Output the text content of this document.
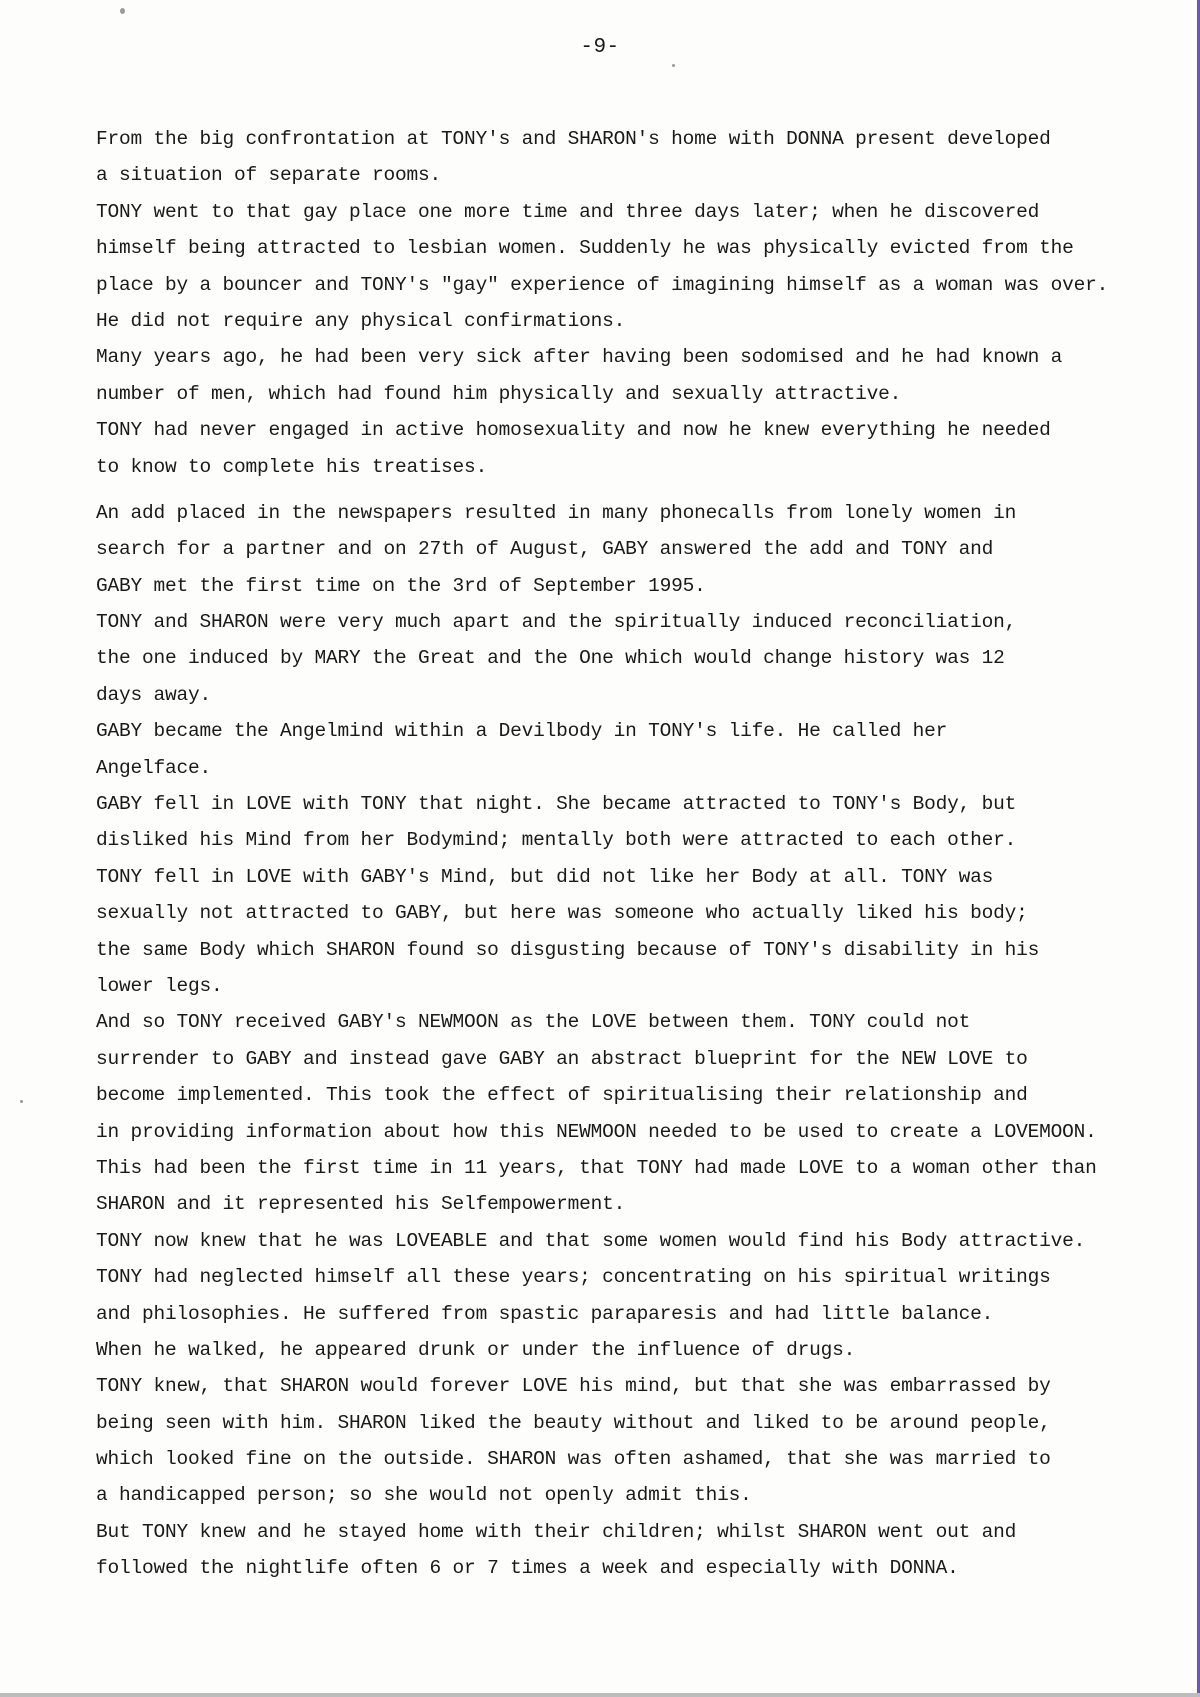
-9-
From the big confrontation at TONY's and SHARON's home with DONNA present developed
a situation of separate rooms.
TONY went to that gay place one more time and three days later; when he discovered
himself being attracted to lesbian women. Suddenly he was physically evicted from the
place by a bouncer and TONY's "gay" experience of imagining himself as a woman was over.
He did not require any physical confirmations.
Many years ago, he had been very sick after having been sodomised and he had known a
number of men, which had found him physically and sexually attractive.
TONY had never engaged in active homosexuality and now he knew everything he needed
to know to complete his treatises.
An add placed in the newspapers resulted in many phonecalls from lonely women in
search for a partner and on 27th of August, GABY answered the add and TONY and
GABY met the first time on the 3rd of September 1995.
TONY and SHARON were very much apart and the spiritually induced reconciliation,
the one induced by MARY the Great and the One which would change history was 12
days away.
GABY became the Angelmind within a Devilbody in TONY's life. He called her
Angelface.
GABY fell in LOVE with TONY that night. She became attracted to TONY's Body, but
disliked his Mind from her Bodymind; mentally both were attracted to each other.
TONY fell in LOVE with GABY's Mind, but did not like her Body at all. TONY was
sexually not attracted to GABY, but here was someone who actually liked his body;
the same Body which SHARON found so disgusting because of TONY's disability in his
lower legs.
And so TONY received GABY's NEWMOON as the LOVE between them. TONY could not
surrender to GABY and instead gave GABY an abstract blueprint for the NEW LOVE to
become implemented. This took the effect of spiritualising their relationship and
in providing information about how this NEWMOON needed to be used to create a LOVEMOON.
This had been the first time in 11 years, that TONY had made LOVE to a woman other than
SHARON and it represented his Selfempowerment.
TONY now knew that he was LOVEABLE and that some women would find his Body attractive.
TONY had neglected himself all these years; concentrating on his spiritual writings
and philosophies. He suffered from spastic paraparesis and had little balance.
When he walked, he appeared drunk or under the influence of drugs.
TONY knew, that SHARON would forever LOVE his mind, but that she was embarrassed by
being seen with him. SHARON liked the beauty without and liked to be around people,
which looked fine on the outside. SHARON was often ashamed, that she was married to
a handicapped person; so she would not openly admit this.
But TONY knew and he stayed home with their children; whilst SHARON went out and
followed the nightlife often 6 or 7 times a week and especially with DONNA.
